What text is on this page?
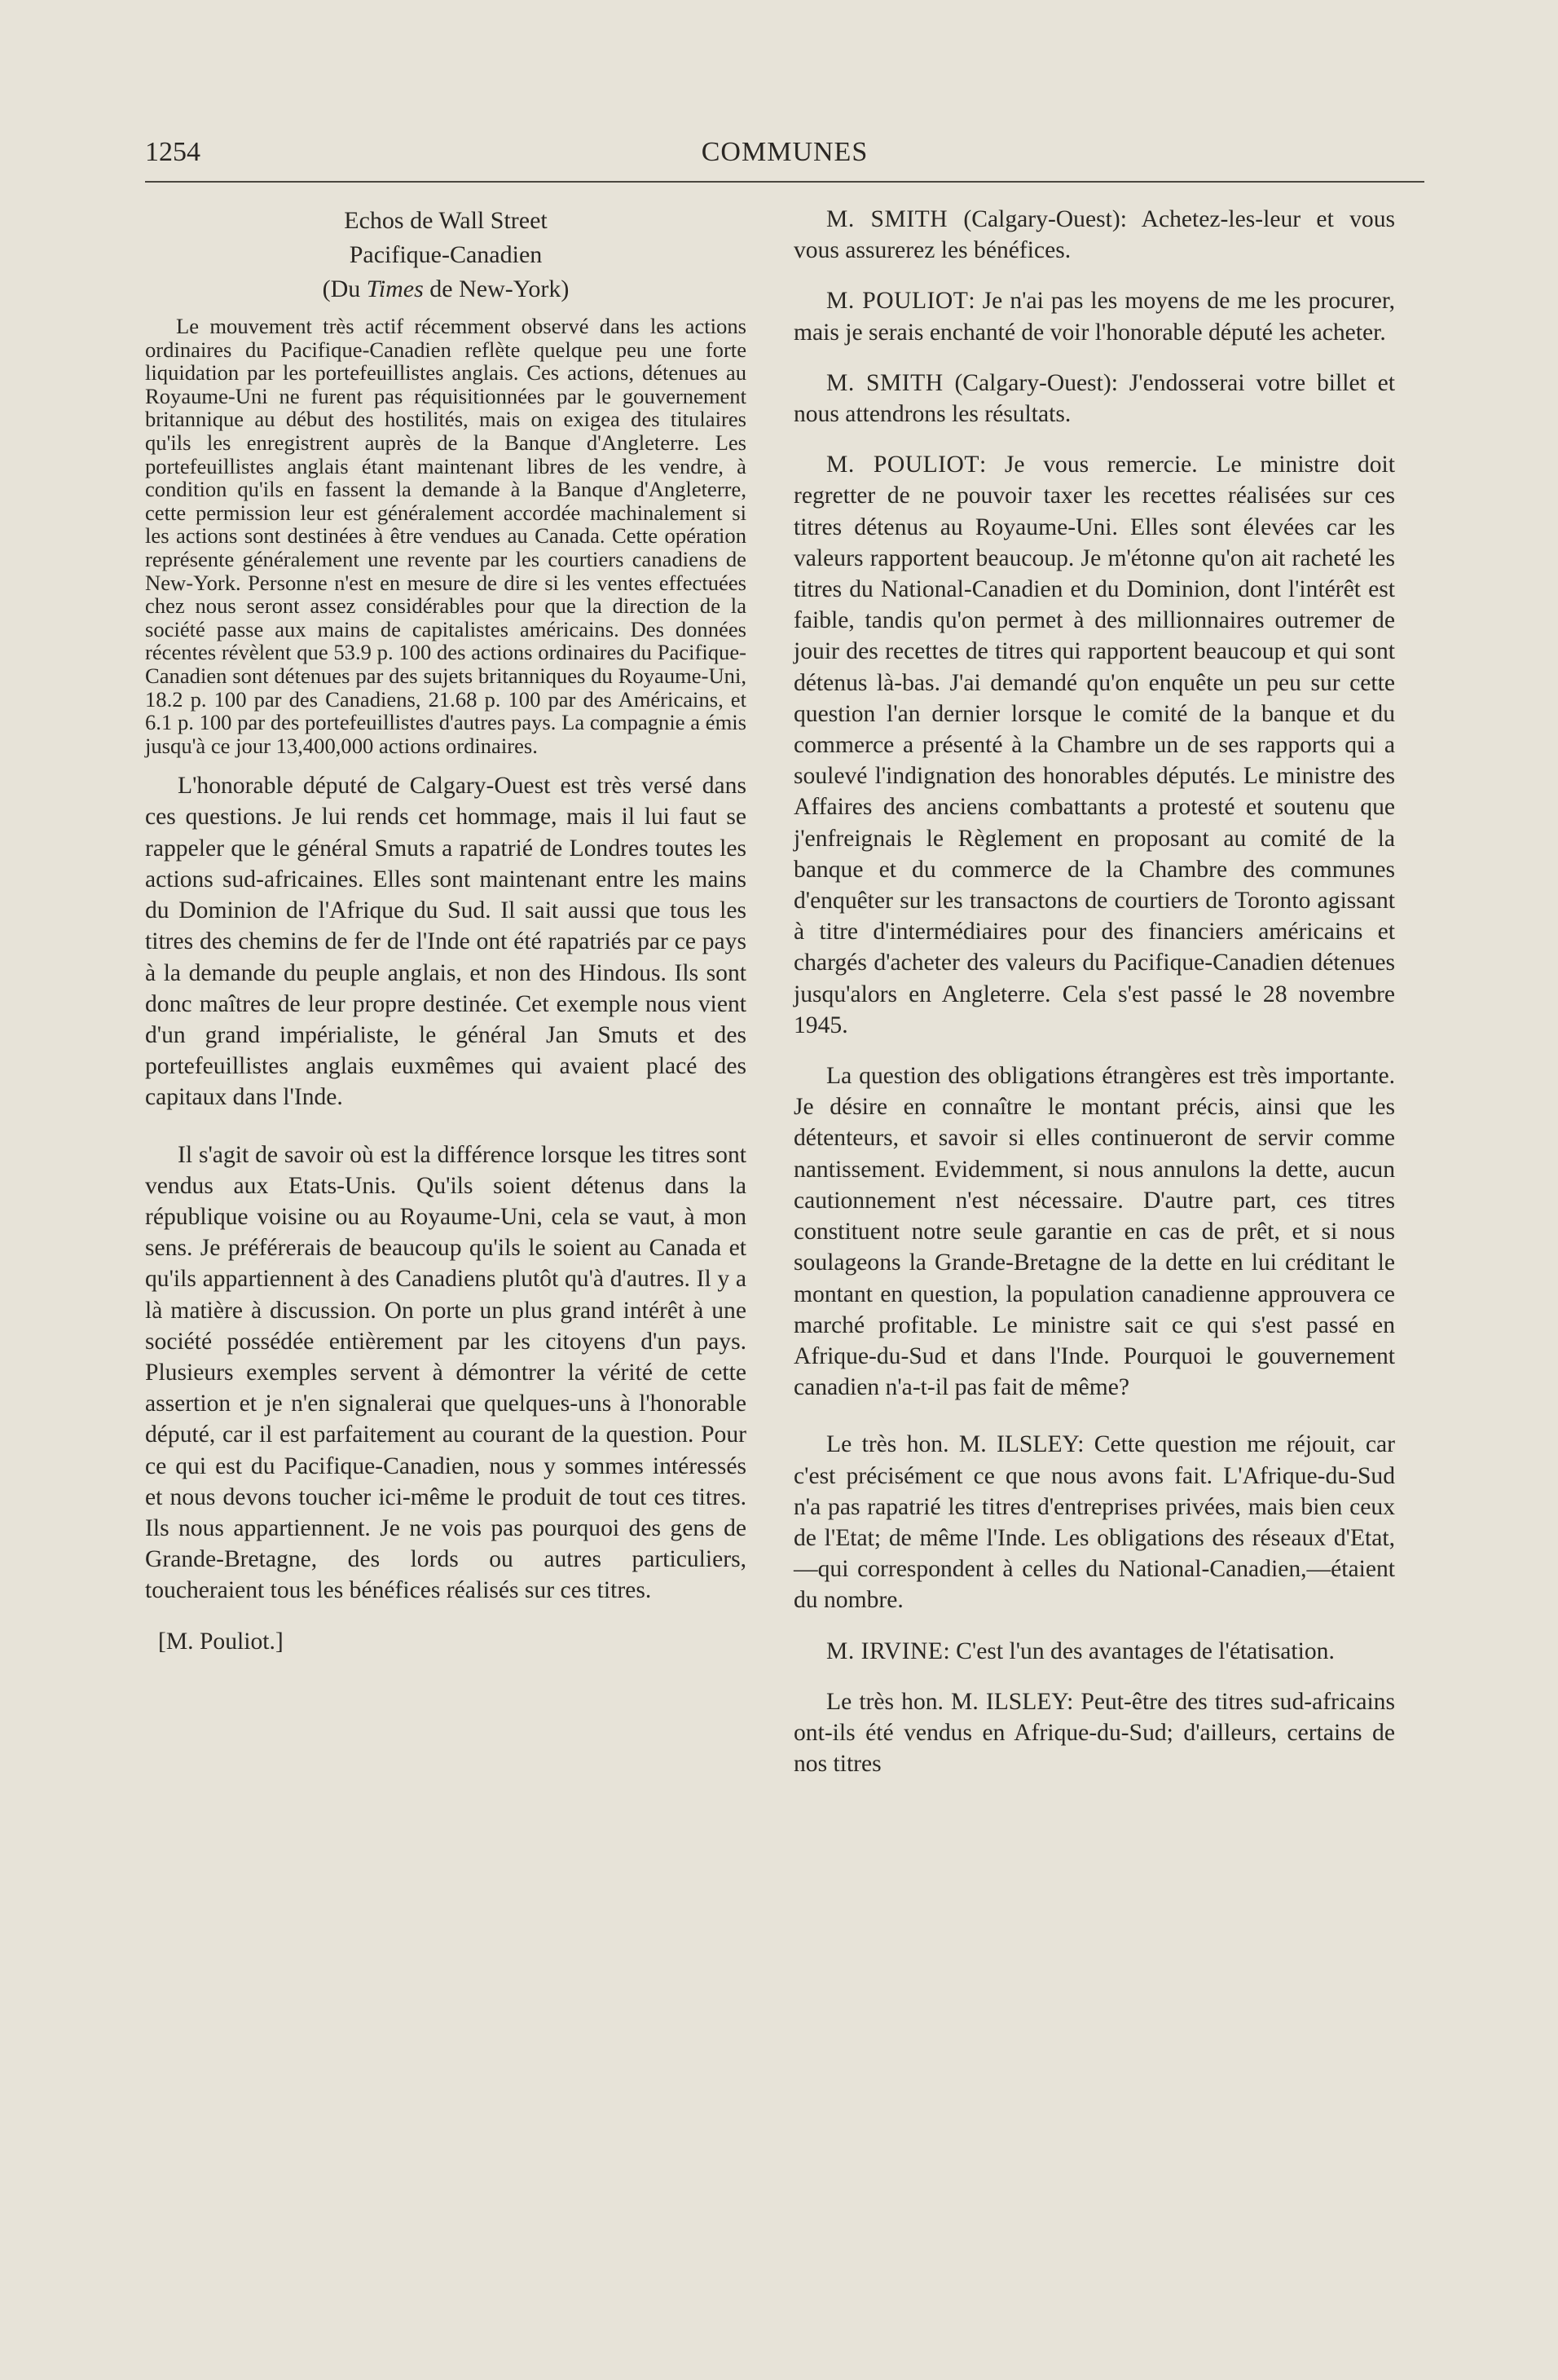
1254	COMMUNES

Echos de Wall Street

Pacifique-Canadien

(Du Times de New-York)

Le mouvement très actif récemment observé dans les actions ordinaires du Pacifique-Canadien reflète quelque peu une forte liquidation par les portefeuillistes anglais. Ces actions, détenues au Royaume-Uni ne furent pas réquisitionnées par le gouvernement britannique au début des hostilités, mais on exigea des titulaires qu'ils les enregistrent auprès de la Banque d'Angleterre. Les portefeuillistes anglais étant maintenant libres de les vendre, à condition qu'ils en fassent la demande à la Banque d'Angleterre, cette permission leur est généralement accordée machinalement si les actions sont destinées à être vendues au Canada. Cette opération représente généralement une revente par les courtiers canadiens de New-York. Personne n'est en mesure de dire si les ventes effectuées chez nous seront assez considérables pour que la direction de la société passe aux mains de capitalistes américains. Des données récentes révèlent que 53.9 p. 100 des actions ordinaires du Pacifique-Canadien sont détenues par des sujets britanniques du Royaume-Uni, 18.2 p. 100 par des Canadiens, 21.68 p. 100 par des Américains, et 6.1 p. 100 par des portefeuillistes d'autres pays. La compagnie a émis jusqu'à ce jour 13,400,000 actions ordinaires.

L'honorable député de Calgary-Ouest est très versé dans ces questions. Je lui rends cet hommage, mais il lui faut se rappeler que le général Smuts a rapatrié de Londres toutes les actions sud-africaines. Elles sont maintenant entre les mains du Dominion de l'Afrique du Sud. Il sait aussi que tous les titres des chemins de fer de l'Inde ont été rapatriés par ce pays à la demande du peuple anglais, et non des Hindous. Ils sont donc maîtres de leur propre destinée. Cet exemple nous vient d'un grand impérialiste, le général Jan Smuts et des portefeuillistes anglais euxmêmes qui avaient placé des capitaux dans l'Inde.

Il s'agit de savoir où est la différence lorsque les titres sont vendus aux Etats-Unis. Qu'ils soient détenus dans la république voisine ou au Royaume-Uni, cela se vaut, à mon sens. Je préférerais de beaucoup qu'ils le soient au Canada et qu'ils appartiennent à des Canadiens plutôt qu'à d'autres. Il y a là matière à discussion. On porte un plus grand intérêt à une société possédée entièrement par les citoyens d'un pays. Plusieurs exemples servent à démontrer la vérité de cette assertion et je n'en signalerai que quelques-uns à l'honorable député, car il est parfaitement au courant de la question. Pour ce qui est du Pacifique-Canadien, nous y sommes intéressés et nous devons toucher ici-même le produit de tout ces titres. Ils nous appartiennent. Je ne vois pas pourquoi des gens de Grande-Bretagne, des lords ou autres particuliers, toucheraient tous les bénéfices réalisés sur ces titres.

[M. Pouliot.]

M. SMITH (Calgary-Ouest): Achetez-les-leur et vous vous assurerez les bénéfices.

M. POULIOT: Je n'ai pas les moyens de me les procurer, mais je serais enchanté de voir l'honorable député les acheter.

M. SMITH (Calgary-Ouest): J'endosserai votre billet et nous attendrons les résultats.

M. POULIOT: Je vous remercie. Le ministre doit regretter de ne pouvoir taxer les recettes réalisées sur ces titres détenus au Royaume-Uni. Elles sont élevées car les valeurs rapportent beaucoup. Je m'étonne qu'on ait racheté les titres du National-Canadien et du Dominion, dont l'intérêt est faible, tandis qu'on permet à des millionnaires outremer de jouir des recettes de titres qui rapportent beaucoup et qui sont détenus là-bas. J'ai demandé qu'on enquête un peu sur cette question l'an dernier lorsque le comité de la banque et du commerce a présenté à la Chambre un de ses rapports qui a soulevé l'indignation des honorables députés. Le ministre des Affaires des anciens combattants a protesté et soutenu que j'enfreignais le Règlement en proposant au comité de la banque et du commerce de la Chambre des communes d'enquêter sur les transactons de courtiers de Toronto agissant à titre d'intermédiaires pour des financiers américains et chargés d'acheter des valeurs du Pacifique-Canadien détenues jusqu'alors en Angleterre. Cela s'est passé le 28 novembre 1945.

La question des obligations étrangères est très importante. Je désire en connaître le montant précis, ainsi que les détenteurs, et savoir si elles continueront de servir comme nantissement. Evidemment, si nous annulons la dette, aucun cautionnement n'est nécessaire. D'autre part, ces titres constituent notre seule garantie en cas de prêt, et si nous soulageons la Grande-Bretagne de la dette en lui créditant le montant en question, la population canadienne approuvera ce marché profitable. Le ministre sait ce qui s'est passé en Afrique-du-Sud et dans l'Inde. Pourquoi le gouvernement canadien n'a-t-il pas fait de même?

Le très hon. M. ILSLEY: Cette question me réjouit, car c'est précisément ce que nous avons fait. L'Afrique-du-Sud n'a pas rapatrié les titres d'entreprises privées, mais bien ceux de l'Etat; de même l'Inde. Les obligations des réseaux d'Etat,—qui correspondent à celles du National-Canadien,—étaient du nombre.

M. IRVINE: C'est l'un des avantages de l'étatisation.

Le très hon. M. ILSLEY: Peut-être des titres sud-africains ont-ils été vendus en Afrique-du-Sud; d'ailleurs, certains de nos titres
